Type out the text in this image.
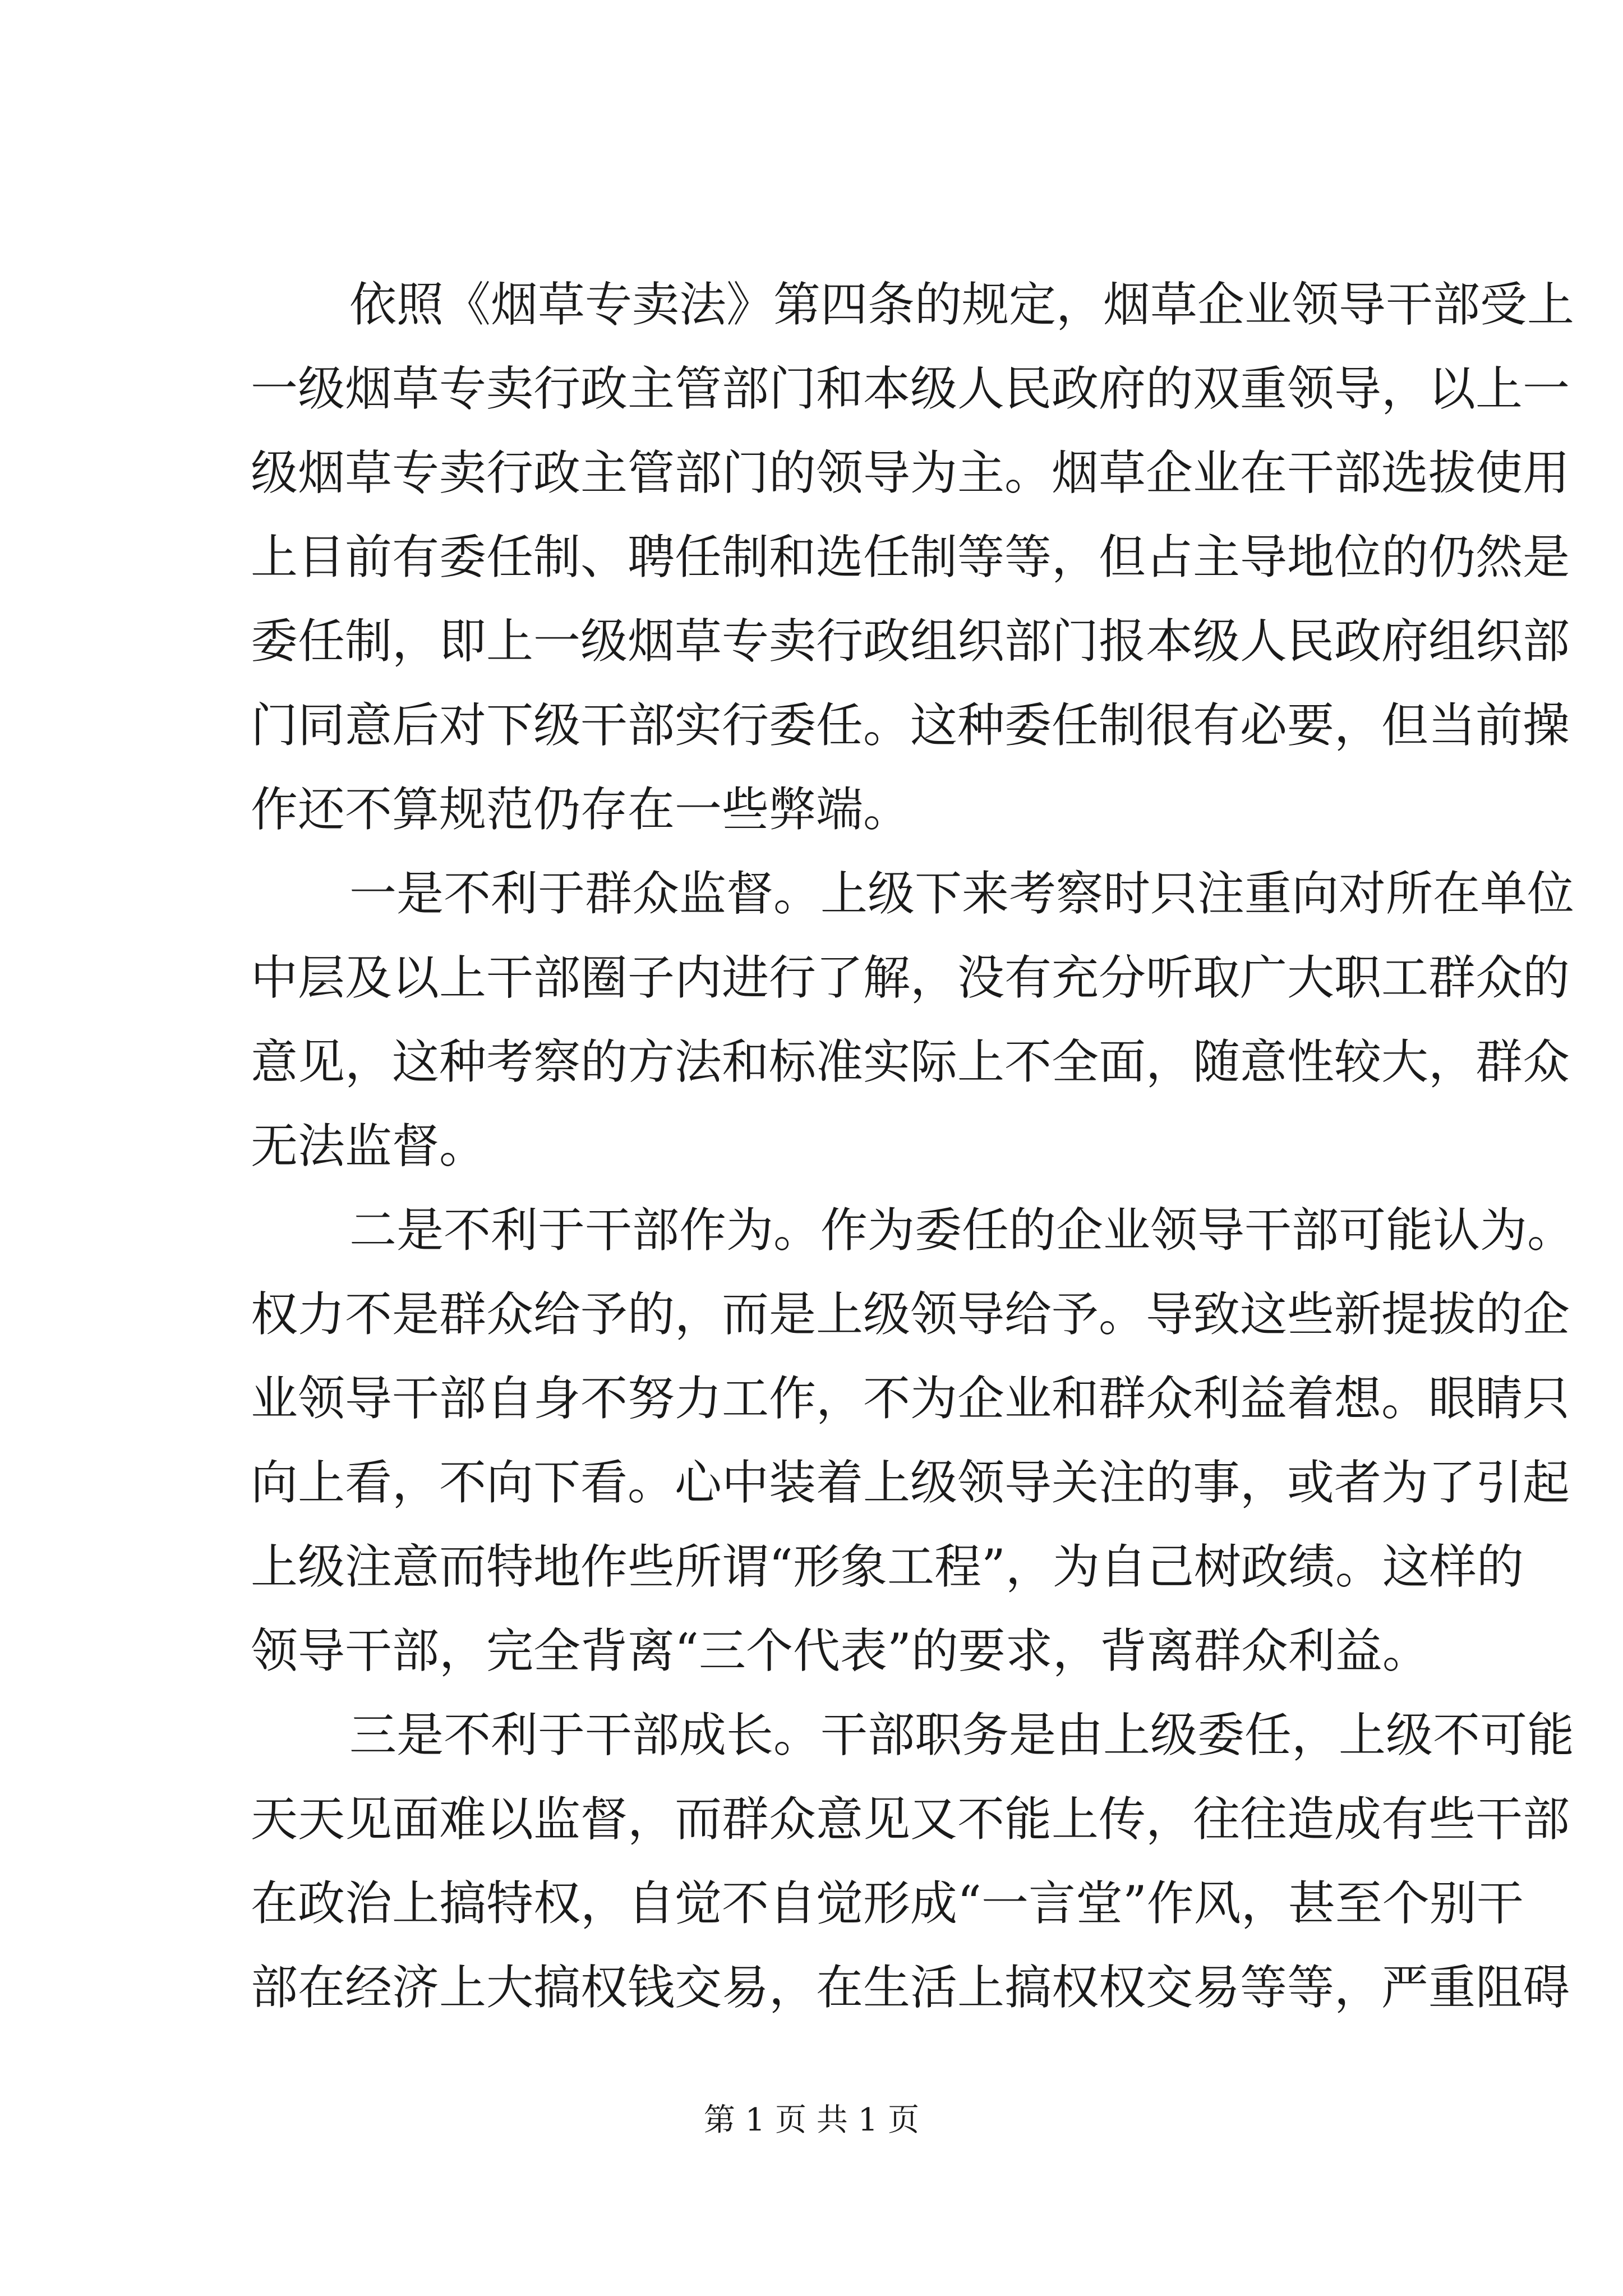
依照《烟草专卖法》第四条的规定，烟草企业领导干部受上
一级烟草专卖行政主管部门和本级人民政府的双重领导，以上一
级烟草专卖行政主管部门的领导为主。烟草企业在干部选拔使用
上目前有委任制、聘任制和选任制等等，但占主导地位的仍然是
委任制，即上一级烟草专卖行政组织部门报本级人民政府组织部
门同意后对下级干部实行委任。这种委任制很有必要，但当前操
作还不算规范仍存在一些弊端。
一是不利于群众监督。上级下来考察时只注重向对所在单位
中层及以上干部圈子内进行了解，没有充分听取广大职工群众的
意见，这种考察的方法和标准实际上不全面，随意性较大，群众
无法监督。
二是不利于干部作为。作为委任的企业领导干部可能认为。
权力不是群众给予的，而是上级领导给予。导致这些新提拔的企
业领导干部自身不努力工作，不为企业和群众利益着想。眼睛只
向上看，不向下看。心中装着上级领导关注的事，或者为了引起
上级注意而特地作些所谓“形象工程”，为自己树政绩。这样的
领导干部，完全背离“三个代表”的要求，背离群众利益。
三是不利于干部成长。干部职务是由上级委任，上级不可能
天天见面难以监督，而群众意见又不能上传，往往造成有些干部
在政治上搞特权，自觉不自觉形成“一言堂”作风，甚至个别干
部在经济上大搞权钱交易，在生活上搞权权交易等等，严重阻碍
第 1 页 共 1 页
